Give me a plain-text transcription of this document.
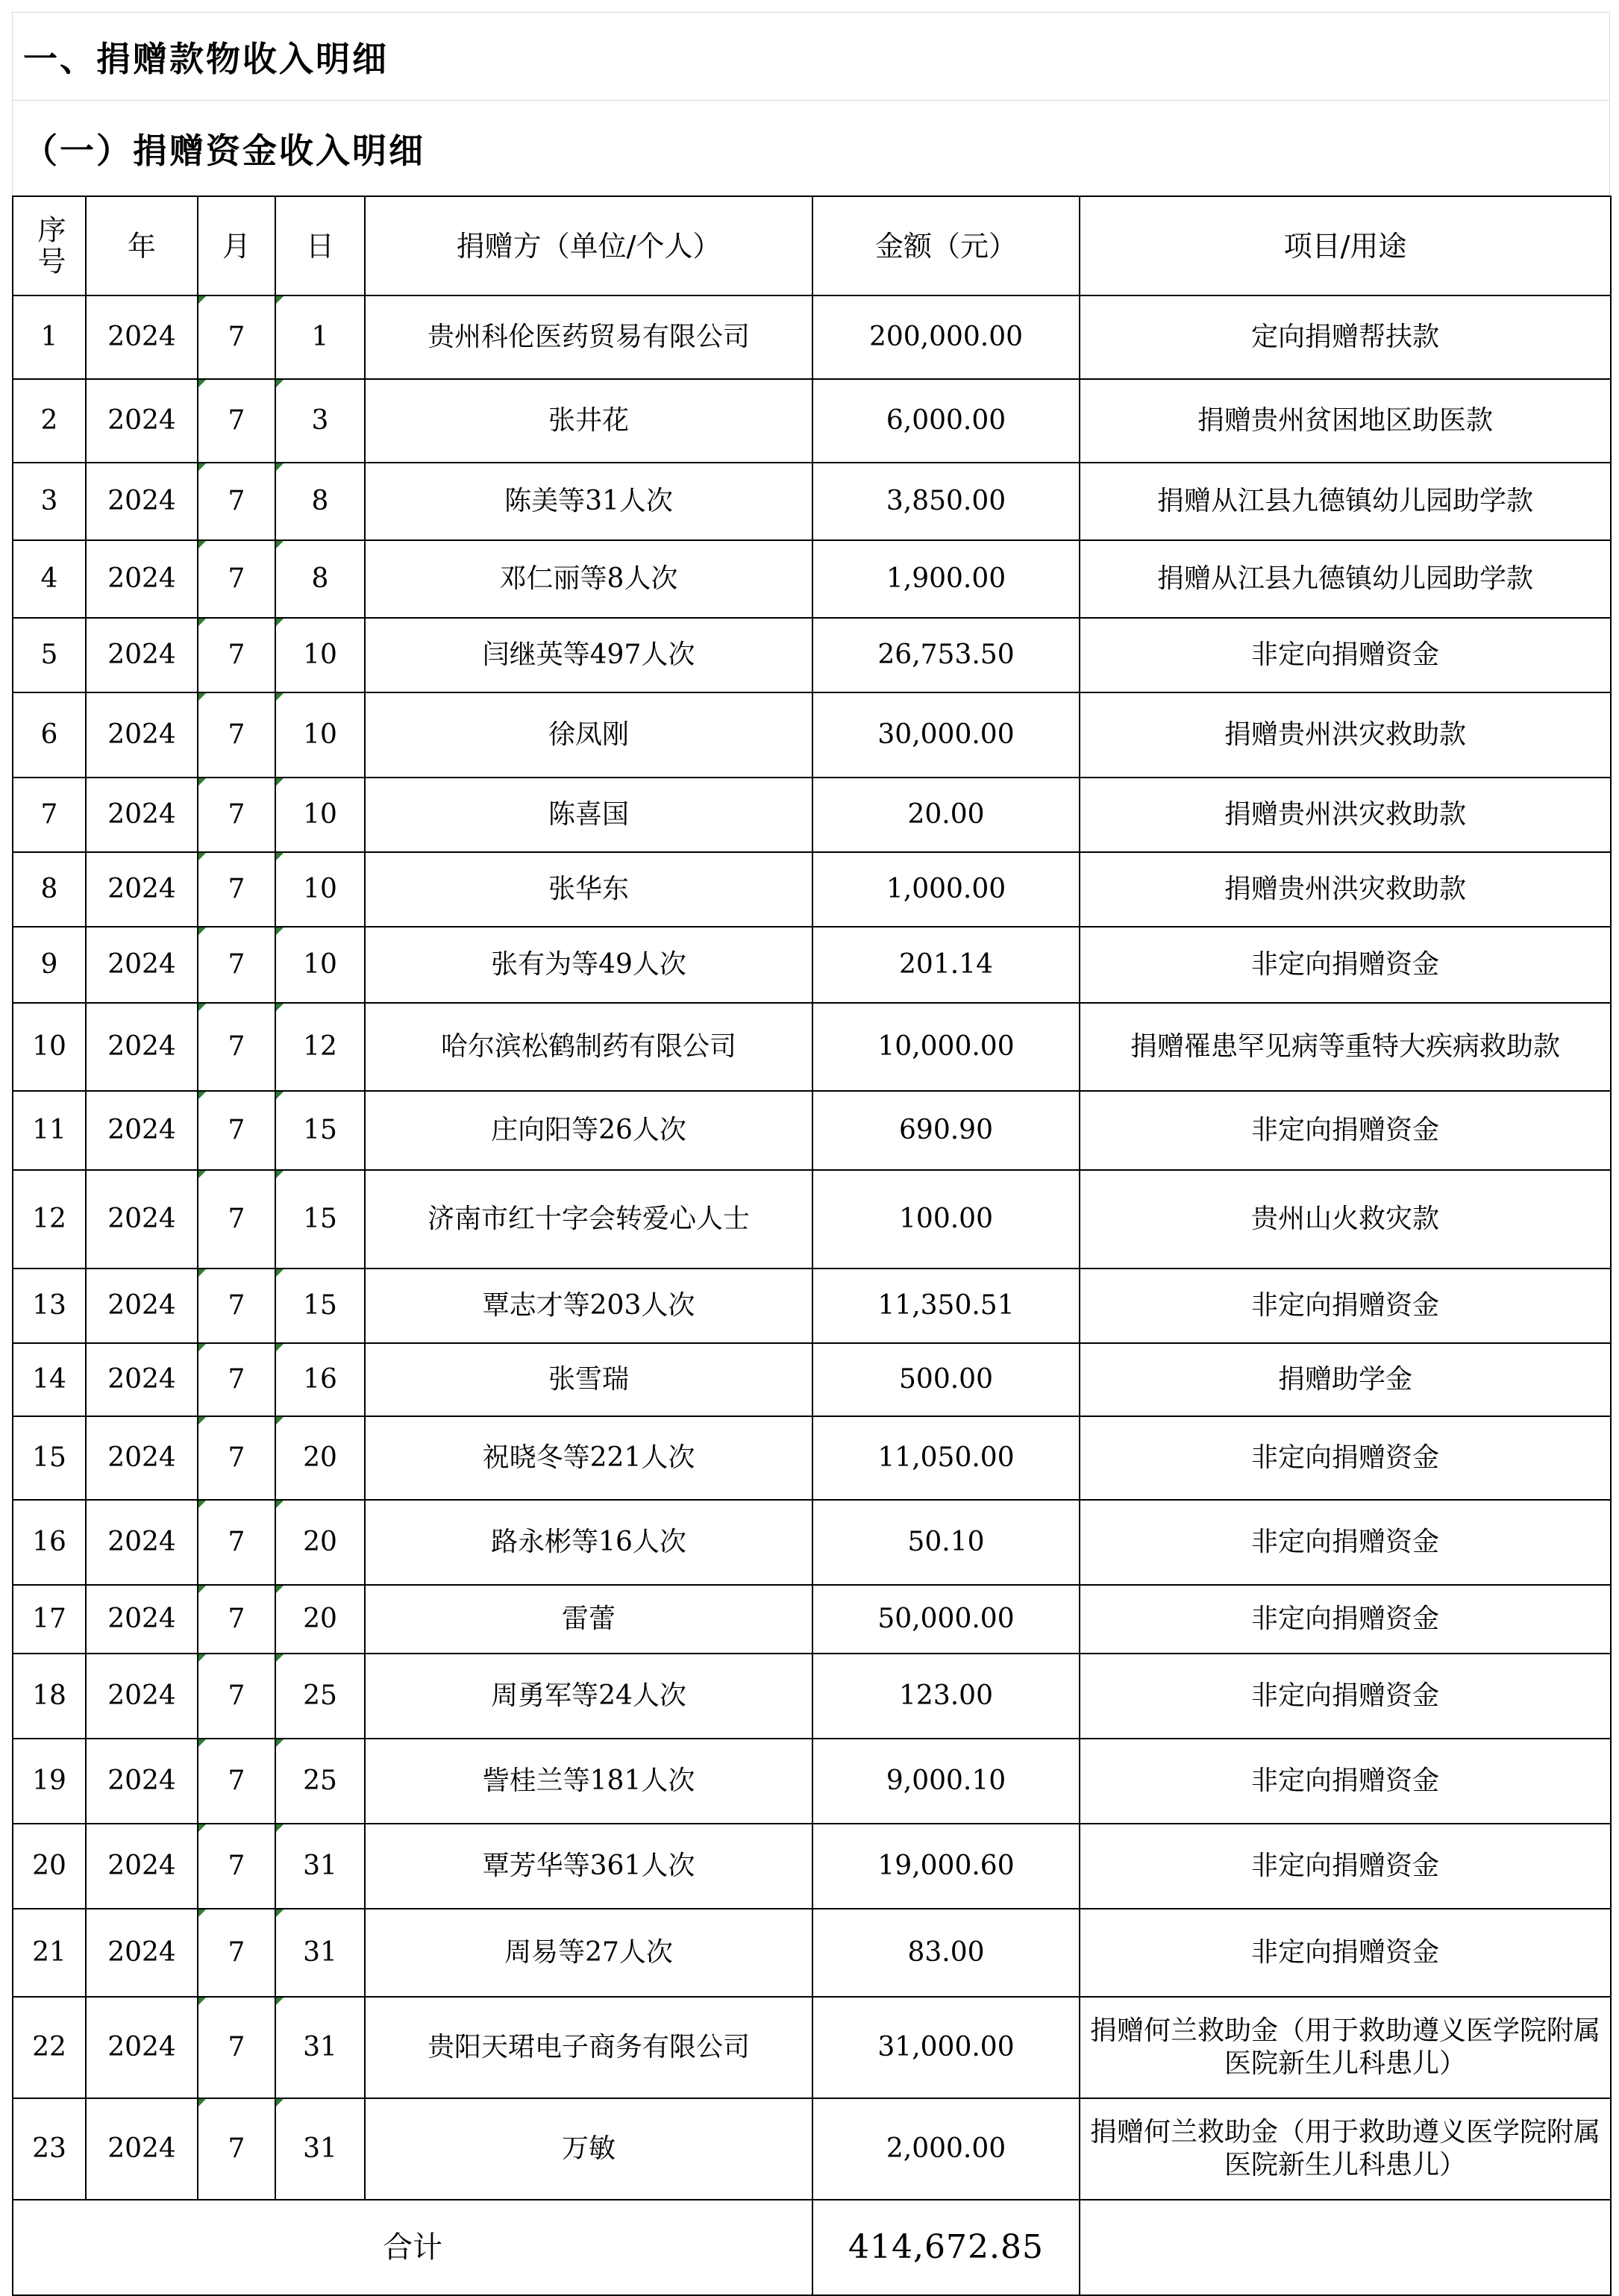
一、捐赠款物收入明细
（一）捐赠资金收入明细
序号	年	月	日	捐赠方（单位/个人）	金额（元）	项目/用途
1	2024	7	1	贵州科伦医药贸易有限公司	200,000.00	定向捐赠帮扶款
2	2024	7	3	张井花	6,000.00	捐赠贵州贫困地区助医款
3	2024	7	8	陈美等31人次	3,850.00	捐赠从江县九德镇幼儿园助学款
4	2024	7	8	邓仁丽等8人次	1,900.00	捐赠从江县九德镇幼儿园助学款
5	2024	7	10	闫继英等497人次	26,753.50	非定向捐赠资金
6	2024	7	10	徐凤刚	30,000.00	捐赠贵州洪灾救助款
7	2024	7	10	陈喜国	20.00	捐赠贵州洪灾救助款
8	2024	7	10	张华东	1,000.00	捐赠贵州洪灾救助款
9	2024	7	10	张有为等49人次	201.14	非定向捐赠资金
10	2024	7	12	哈尔滨松鹤制药有限公司	10,000.00	捐赠罹患罕见病等重特大疾病救助款
11	2024	7	15	庄向阳等26人次	690.90	非定向捐赠资金
12	2024	7	15	济南市红十字会转爱心人士	100.00	贵州山火救灾款
13	2024	7	15	覃志才等203人次	11,350.51	非定向捐赠资金
14	2024	7	16	张雪瑞	500.00	捐赠助学金
15	2024	7	20	祝晓冬等221人次	11,050.00	非定向捐赠资金
16	2024	7	20	路永彬等16人次	50.10	非定向捐赠资金
17	2024	7	20	雷蕾	50,000.00	非定向捐赠资金
18	2024	7	25	周勇军等24人次	123.00	非定向捐赠资金
19	2024	7	25	訾桂兰等181人次	9,000.10	非定向捐赠资金
20	2024	7	31	覃芳华等361人次	19,000.60	非定向捐赠资金
21	2024	7	31	周易等27人次	83.00	非定向捐赠资金
22	2024	7	31	贵阳天珺电子商务有限公司	31,000.00	捐赠何兰救助金（用于救助遵义医学院附属医院新生儿科患儿）
23	2024	7	31	万敏	2,000.00	捐赠何兰救助金（用于救助遵义医学院附属医院新生儿科患儿）
合计					414,672.85	
